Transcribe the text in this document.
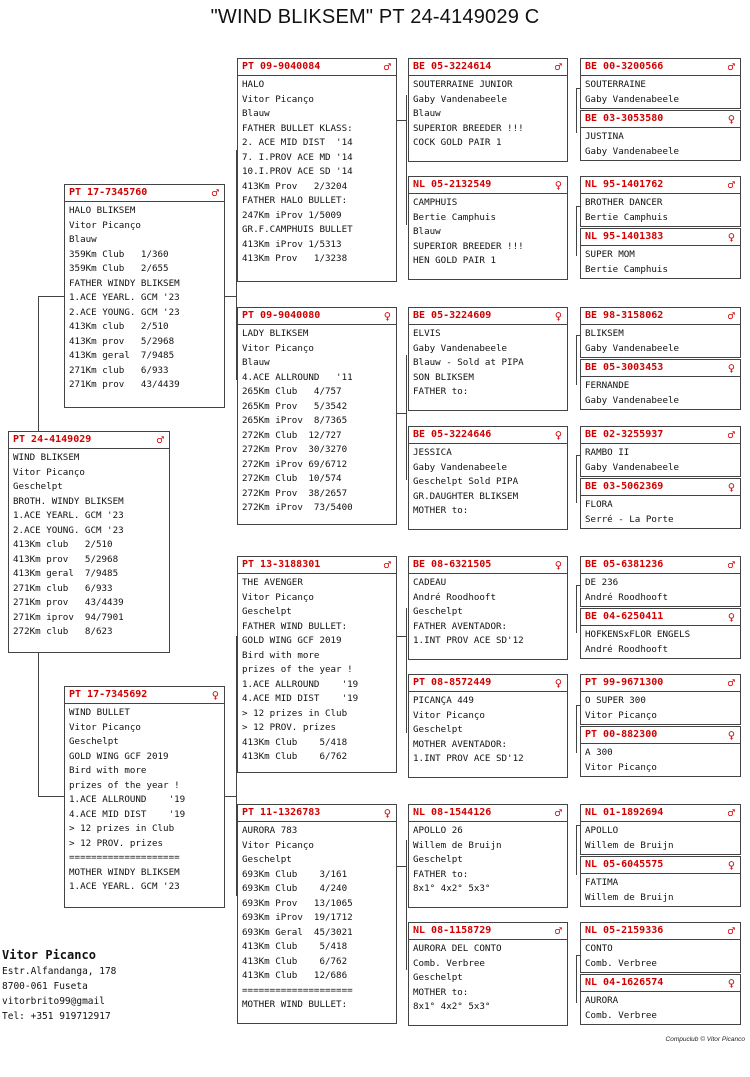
"WIND BLIKSEM" PT 24-4149029 C
PT 24-4149029	♂
WIND BLIKSEM
Vitor Picanço
Geschelpt
BROTH. WINDY BLIKSEM
1.ACE YEARL. GCM '23
2.ACE YOUNG. GCM '23
413Km club   2/510
413Km prov   5/2968
413Km geral  7/9485
271Km club   6/933
271Km prov   43/4439
271Km iprov  94/7901
272Km club   8/623
PT 17-7345760	♂
HALO BLIKSEM
Vitor Picanço
Blauw
359Km Club   1/360
359Km Club   2/655
FATHER WINDY BLIKSEM
1.ACE YEARL. GCM '23
2.ACE YOUNG. GCM '23
413Km club   2/510
413Km prov   5/2968
413Km geral  7/9485
271Km club   6/933
271Km prov   43/4439
PT 17-7345692	♀
WIND BULLET
Vitor Picanço
Geschelpt
GOLD WING GCF 2019
Bird with more
prizes of the year !
1.ACE ALLROUND    '19
4.ACE MID DIST    '19
> 12 prizes in Club
> 12 PROV. prizes
====================
MOTHER WINDY BLIKSEM
1.ACE YEARL. GCM '23
PT 09-9040084	♂
HALO
Vitor Picanço
Blauw
FATHER BULLET KLASS:
2. ACE MID DIST  '14
7. I.PROV ACE MD '14
10.I.PROV ACE SD '14
413Km Prov   2/3204
FATHER HALO BULLET:
247Km iProv 1/5009
GR.F.CAMPHUIS BULLET
413Km iProv 1/5313
413Km Prov   1/3238
PT 09-9040080	♀
LADY BLIKSEM
Vitor Picanço
Blauw
4.ACE ALLROUND   '11
265Km Club   4/757
265Km Prov   5/3542
265Km iProv  8/7365
272Km Club  12/727
272Km Prov  30/3270
272Km iProv 69/6712
272Km Club  10/574
272Km Prov  38/2657
272Km iProv  73/5400
PT 13-3188301	♂
THE AVENGER
Vitor Picanço
Geschelpt
FATHER WIND BULLET:
GOLD WING GCF 2019
Bird with more
prizes of the year !
1.ACE ALLROUND    '19
4.ACE MID DIST    '19
> 12 prizes in Club
> 12 PROV. prizes
413Km Club    5/418
413Km Club    6/762
PT 11-1326783	♀
AURORA 783
Vitor Picanço
Geschelpt
693Km Club    3/161
693Km Club    4/240
693Km Prov   13/1065
693Km iProv  19/1712
693Km Geral  45/3021
413Km Club    5/418
413Km Club    6/762
413Km Club   12/686
====================
MOTHER WIND BULLET:
BE 05-3224614	♂
SOUTERRAINE JUNIOR
Gaby Vandenabeele
Blauw
SUPERIOR BREEDER !!!
COCK GOLD PAIR 1
NL 05-2132549	♀
CAMPHUIS
Bertie Camphuis
Blauw
SUPERIOR BREEDER !!!
HEN GOLD PAIR 1
BE 05-3224609	♀
ELVIS
Gaby Vandenabeele
Blauw - Sold at PIPA
SON BLIKSEM
FATHER to:
BE 05-3224646	♀
JESSICA
Gaby Vandenabeele
Geschelpt Sold PIPA
GR.DAUGHTER BLIKSEM
MOTHER to:
BE 08-6321505	♀
CADEAU
André Roodhooft
Geschelpt
FATHER AVENTADOR:
1.INT PROV ACE SD'12
PT 08-8572449	♀
PICANÇA 449
Vitor Picanço
Geschelpt
MOTHER AVENTADOR:
1.INT PROV ACE SD'12
NL 08-1544126	♂
APOLLO 26
Willem de Bruijn
Geschelpt
FATHER to:
8x1° 4x2° 5x3°
NL 08-1158729	♂
AURORA DEL CONTO
Comb. Verbree
Geschelpt
MOTHER to:
8x1° 4x2° 5x3°
BE 00-3200566	♂
SOUTERRAINE
Gaby Vandenabeele
BE 03-3053580	♀
JUSTINA
Gaby Vandenabeele
NL 95-1401762	♂
BROTHER DANCER
Bertie Camphuis
NL 95-1401383	♀
SUPER MOM
Bertie Camphuis
BE 98-3158062	♂
BLIKSEM
Gaby Vandenabeele
BE 05-3003453	♀
FERNANDE
Gaby Vandenabeele
BE 02-3255937	♂
RAMBO II
Gaby Vandenabeele
BE 03-5062369	♀
FLORA
Serré - La Porte
BE 05-6381236	♂
DE 236
André Roodhooft
BE 04-6250411	♀
HOFKENSxFLOR ENGELS
André Roodhooft
PT 99-9671300	♂
O SUPER 300
Vitor Picanço
PT 00-882300	♀
A 300
Vitor Picanço
NL 01-1892694	♂
APOLLO
Willem de Bruijn
NL 05-6045575	♀
FATIMA
Willem de Bruijn
NL 05-2159336	♂
CONTO
Comb. Verbree
NL 04-1626574	♀
AURORA
Comb. Verbree
Vitor Picanco
Estr.Alfandanga, 178
8700-061 Fuseta
vitorbrito99@gmail
Tel: +351 919712917
Compuclub © Vitor Picanco
